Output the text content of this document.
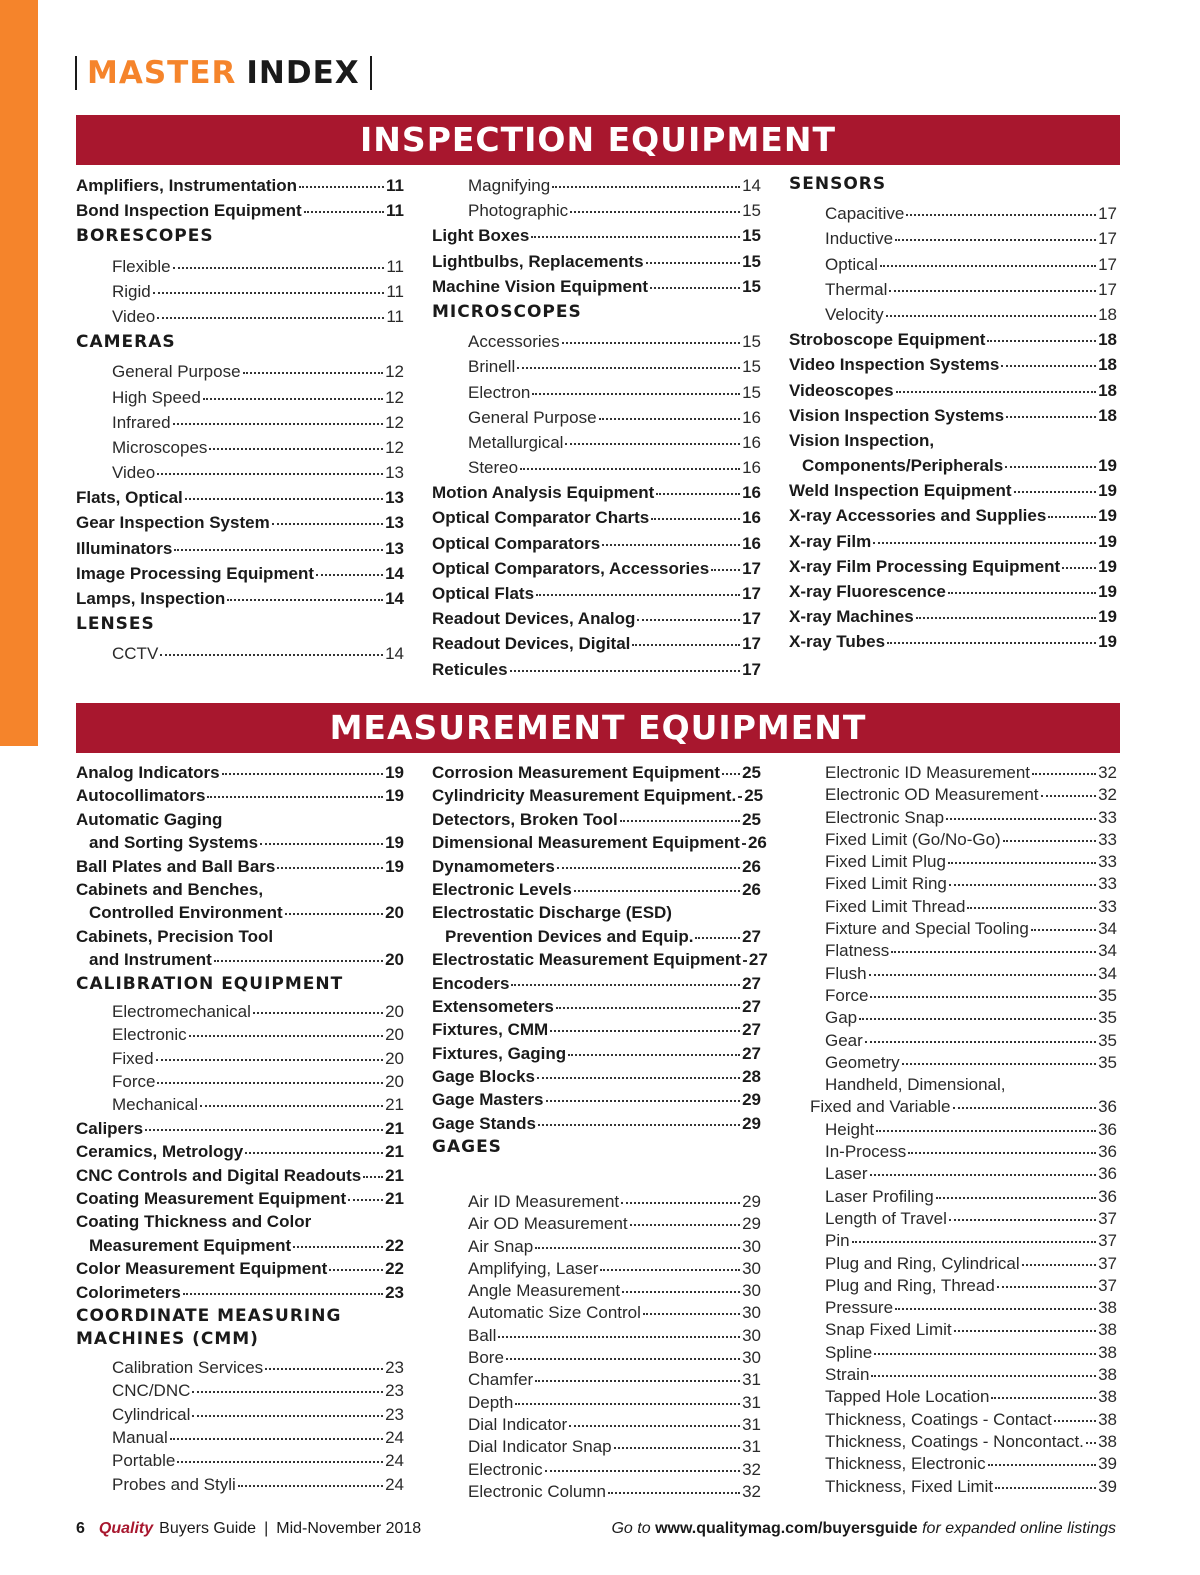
MASTER INDEX
INSPECTION EQUIPMENT
Amplifiers, Instrumentation	11
Bond Inspection Equipment	11
BORESCOPES
Flexible	11
Rigid	11
Video	11
CAMERAS
General Purpose	12
High Speed	12
Infrared	12
Microscopes	12
Video	13
Flats, Optical	13
Gear Inspection System	13
Illuminators	13
Image Processing Equipment	14
Lamps, Inspection	14
LENSES
CCTV	14
Magnifying	14
Photographic	15
Light Boxes	15
Lightbulbs, Replacements	15
Machine Vision Equipment	15
MICROSCOPES
Accessories	15
Brinell	15
Electron	15
General Purpose	16
Metallurgical	16
Stereo	16
Motion Analysis Equipment	16
Optical Comparator Charts	16
Optical Comparators	16
Optical Comparators, Accessories 17
Optical Flats	17
Readout Devices, Analog	17
Readout Devices, Digital	17
Reticules	17
SENSORS
Capacitive	17
Inductive	17
Optical	17
Thermal	17
Velocity	18
Stroboscope Equipment	18
Video Inspection Systems	18
Videoscopes	18
Vision Inspection Systems	18
Vision Inspection,
Components/Peripherals	19
Weld Inspection Equipment	19
X-ray Accessories and Supplies	19
X-ray Film	19
X-ray Film Processing Equipment 19
X-ray Fluorescence	19
X-ray Machines	19
X-ray Tubes	19
MEASUREMENT EQUIPMENT
Analog Indicators	19
Autocollimators	19
Automatic Gaging
and Sorting Systems	19
Ball Plates and Ball Bars	19
Cabinets and Benches,
Controlled Environment	20
Cabinets, Precision Tool
and Instrument	20
CALIBRATION EQUIPMENT
Electromechanical	20
Electronic	20
Fixed	20
Force	20
Mechanical	21
Calipers	21
Ceramics, Metrology	21
CNC Controls and Digital Readouts 21
Coating Measurement Equipment 21
Coating Thickness and Color
Measurement Equipment	22
Color Measurement Equipment	22
Colorimeters	23
COORDINATE MEASURING
MACHINES (CMM)
Calibration Services	23
CNC/DNC	23
Cylindrical	23
Manual	24
Portable	24
Probes and Styli	24
Corrosion Measurement Equipment 25
Cylindricity Measurement Equipment. 25
Detectors, Broken Tool	25
Dimensional Measurement Equipment 26
Dynamometers	26
Electronic Levels	26
Electrostatic Discharge (ESD)
Prevention Devices and Equip.	27
Electrostatic Measurement Equipment 27
Encoders	27
Extensometers	27
Fixtures, CMM	27
Fixtures, Gaging	27
Gage Blocks	28
Gage Masters	29
Gage Stands	29
GAGES
Air ID Measurement	29
Air OD Measurement	29
Air Snap	30
Amplifying, Laser	30
Angle Measurement	30
Automatic Size Control	30
Ball	30
Bore	30
Chamfer	31
Depth	31
Dial Indicator	31
Dial Indicator Snap	31
Electronic	32
Electronic Column	32
Electronic ID Measurement	32
Electronic OD Measurement	32
Electronic Snap	33
Fixed Limit (Go/No-Go)	33
Fixed Limit Plug	33
Fixed Limit Ring	33
Fixed Limit Thread	33
Fixture and Special Tooling	34
Flatness	34
Flush	34
Force	35
Gap	35
Gear	35
Geometry	35
Handheld, Dimensional,
Fixed and Variable	36
Height	36
In-Process	36
Laser	36
Laser Profiling	36
Length of Travel	37
Pin	37
Plug and Ring, Cylindrical	37
Plug and Ring, Thread	37
Pressure	38
Snap Fixed Limit	38
Spline	38
Strain	38
Tapped Hole Location	38
Thickness, Coatings - Contact	38
Thickness, Coatings - Noncontact. 38
Thickness, Electronic	39
Thickness, Fixed Limit	39
6 Quality Buyers Guide | Mid-November 2018	Go to www.qualitymag.com/buyersguide for expanded online listings
